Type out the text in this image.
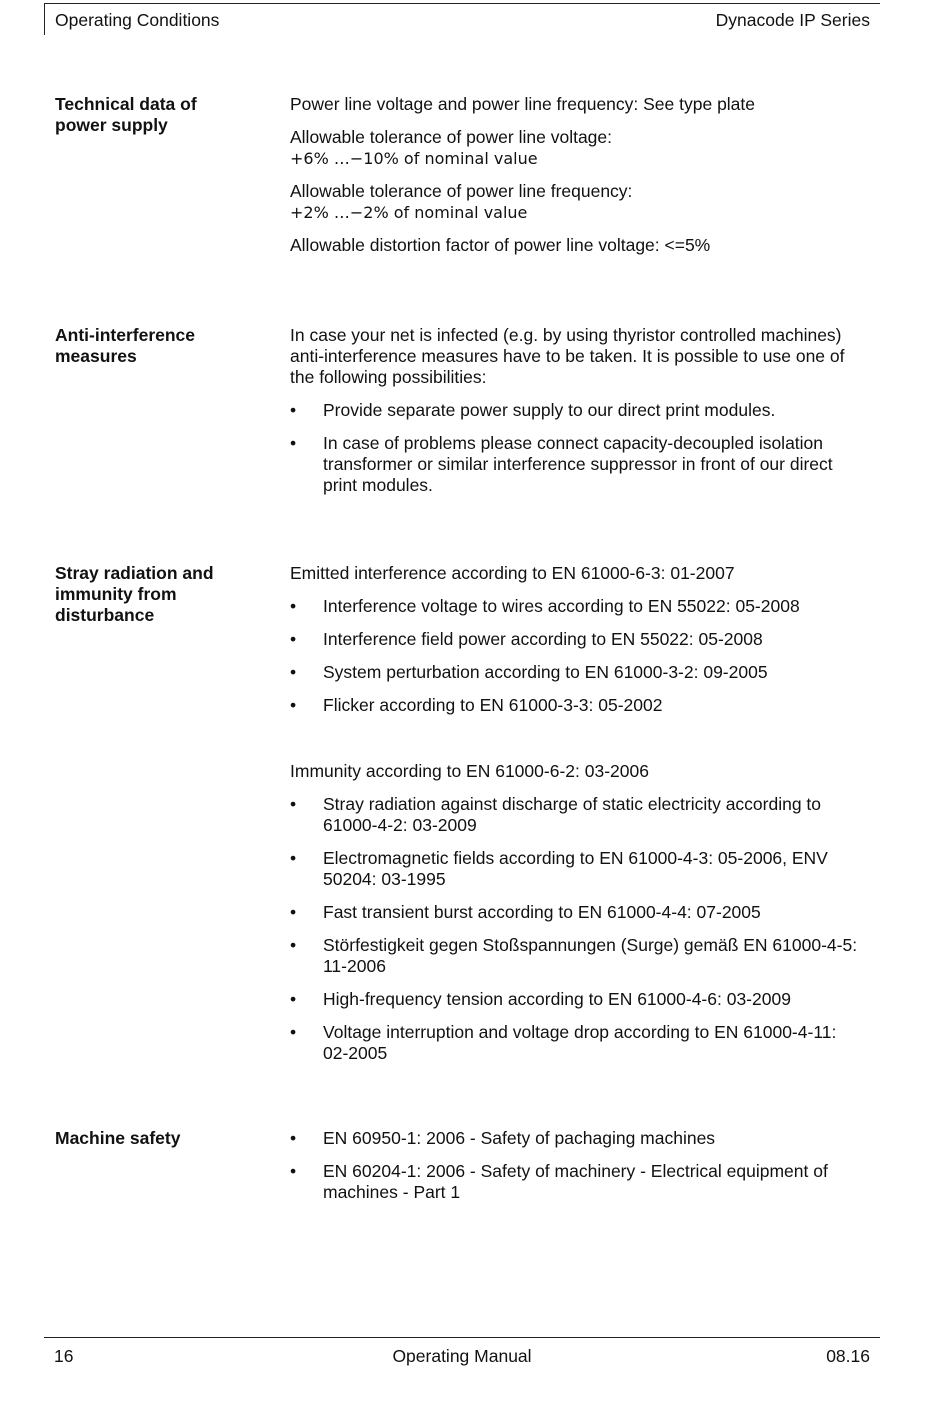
Operating Conditions	Dynacode IP Series
Technical data of power supply

Power line voltage and power line frequency: See type plate

Allowable tolerance of power line voltage:
+6% …−10% of nominal value

Allowable tolerance of power line frequency:
+2% …−2% of nominal value

Allowable distortion factor of power line voltage: <=5%

Anti-interference measures

In case your net is infected (e.g. by using thyristor controlled machines) anti-interference measures have to be taken. It is possible to use one of the following possibilities:

• Provide separate power supply to our direct print modules.
• In case of problems please connect capacity-decoupled isolation transformer or similar interference suppressor in front of our direct print modules.
Stray radiation and immunity from disturbance

Emitted interference according to EN 61000-6-3: 01-2007

• Interference voltage to wires according to EN 55022: 05-2008
• Interference field power according to EN 55022: 05-2008
• System perturbation according to EN 61000-3-2: 09-2005
• Flicker according to EN 61000-3-3: 05-2002

Immunity according to EN 61000-6-2: 03-2006

• Stray radiation against discharge of static electricity according to 61000-4-2: 03-2009
• Electromagnetic fields according to EN 61000-4-3: 05-2006, ENV 50204: 03-1995
• Fast transient burst according to EN 61000-4-4: 07-2005
• Störfestigkeit gegen Stoßspannungen (Surge) gemäß EN 61000-4-5: 11-2006
• High-frequency tension according to EN 61000-4-6: 03-2009
• Voltage interruption and voltage drop according to EN 61000-4-11: 02-2005
Machine safety
•	EN 60950-1: 2006 - Safety of pachaging machines
• EN 60204-1: 2006 - Safety of machinery - Electrical equipment of machines - Part 1
16	Operating Manual	08.16
